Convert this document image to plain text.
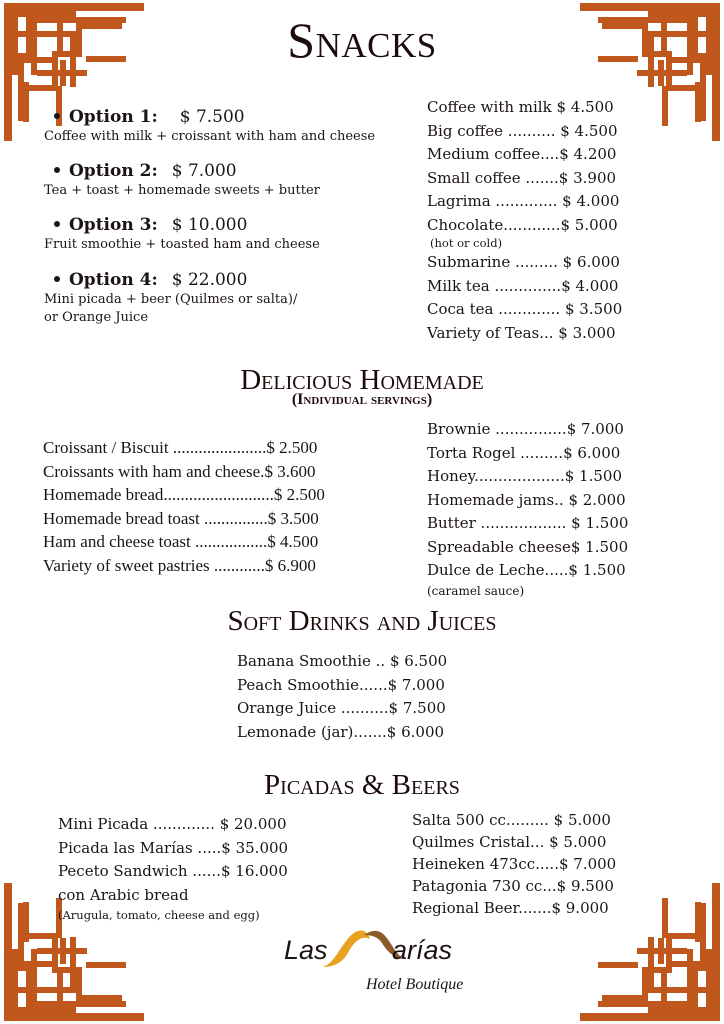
Snacks
Option 1: $ 7.500
Coffee with milk + croissant with ham and cheese
Option 2: $ 7.000
Tea + toast + homemade sweets + butter
Option 3: $ 10.000
Fruit smoothie + toasted ham and cheese
Option 4: $ 22.000
Mini picada + beer (Quilmes or salta)/
or Orange Juice
Coffee with milk $ 4.500
Big coffee .......... $ 4.500
Medium coffee....$ 4.200
Small coffee .......$ 3.900
Lagrima ............. $ 4.000
Chocolate............$ 5.000
(hot or cold)
Submarine ......... $ 6.000
Milk tea ..............$ 4.000
Coca tea ............. $ 3.500
Variety of Teas... $ 3.000
Delicious Homemade
(Individual servings)
Croissant / Biscuit ......................$ 2.500
Croissants with ham and cheese.$ 3.600
Homemade bread..........................$ 2.500
Homemade bread toast ...............$ 3.500
Ham and cheese toast .................$ 4.500
Variety of sweet pastries ............$ 6.900
Brownie ...............$ 7.000
Torta Rogel .........$ 6.000
Honey...................$ 1.500
Homemade jams.. $ 2.000
Butter .................. $ 1.500
Spreadable cheese$ 1.500
Dulce de Leche.....$ 1.500
(caramel sauce)
Soft Drinks and Juices
Banana Smoothie .. $ 6.500
Peach Smoothie......$ 7.000
Orange Juice ..........$ 7.500
Lemonade (jar).......$ 6.000
Picadas & Beers
Mini Picada ............. $ 20.000
Picada las Marías .....$ 35.000
Peceto Sandwich ......$ 16.000
con Arabic bread
(Arugula, tomato, cheese and egg)
Salta 500 cc......... $ 5.000
Quilmes Cristal... $ 5.000
Heineken 473cc.....$ 7.000
Patagonia 730 cc...$ 9.500
Regional Beer.......$ 9.000
Las arías
Hotel Boutique
